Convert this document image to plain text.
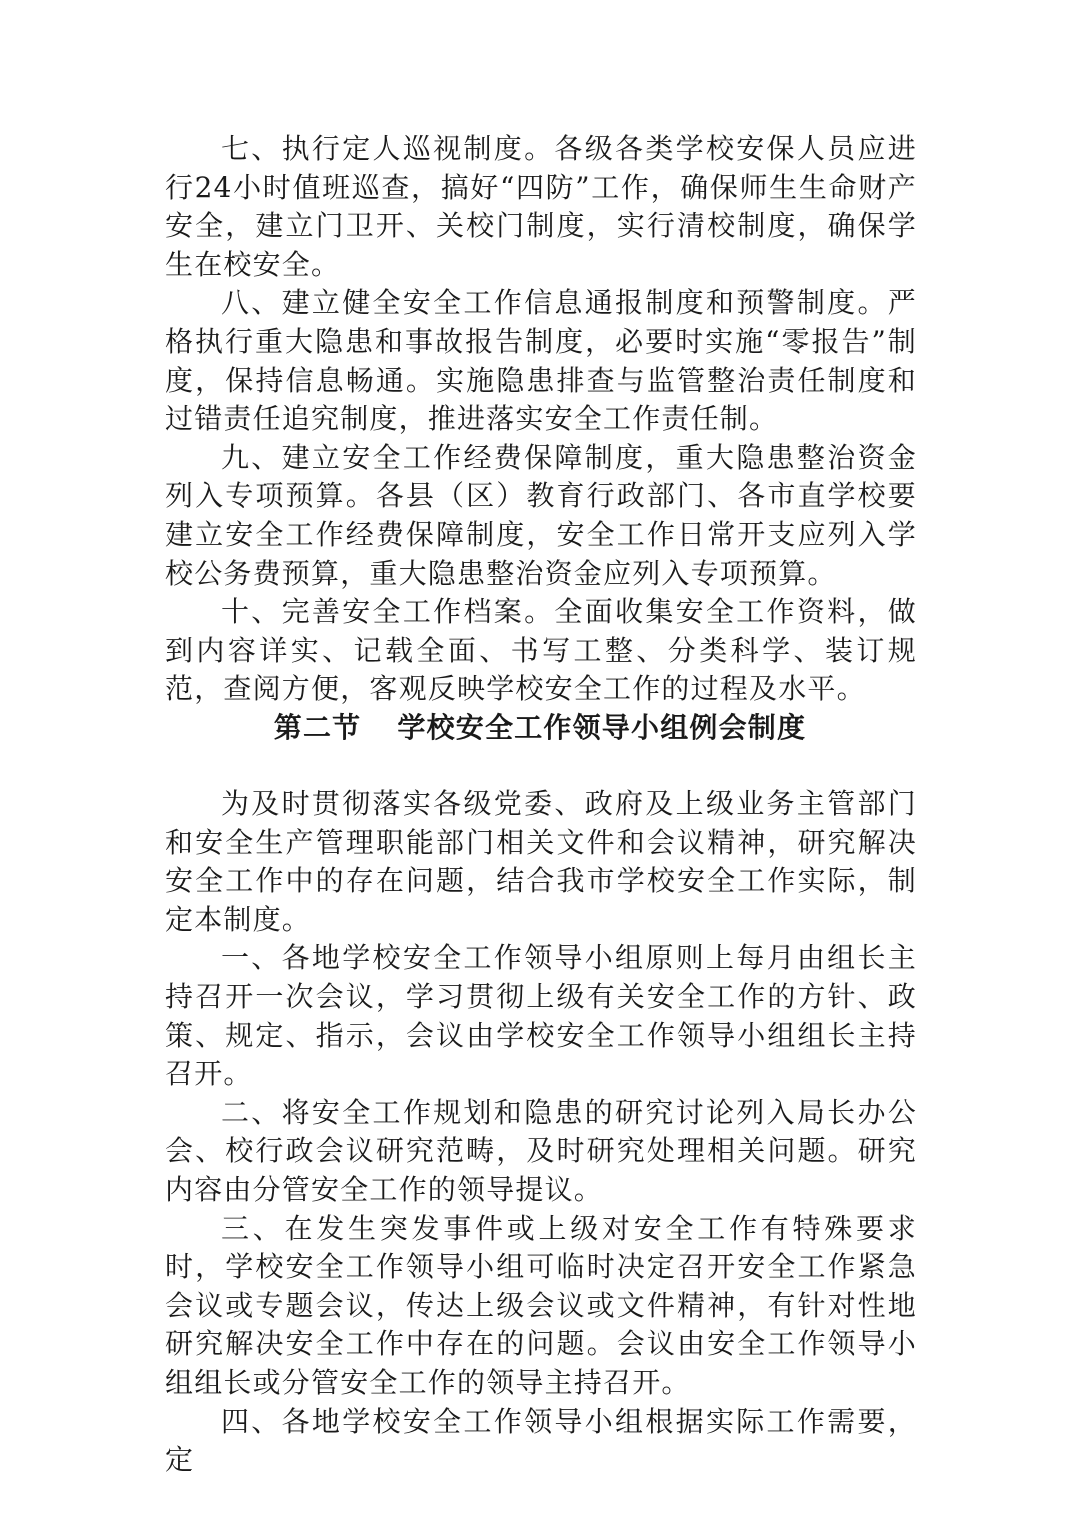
七、执行定人巡视制度。各级各类学校安保人员应进行24小时值班巡查，搞好“四防”工作，确保师生生命财产安全，建立门卫开、关校门制度，实行清校制度，确保学生在校安全。

八、建立健全安全工作信息通报制度和预警制度。严格执行重大隐患和事故报告制度，必要时实施“零报告”制度，保持信息畅通。实施隐患排查与监管整治责任制度和过错责任追究制度，推进落实安全工作责任制。

九、建立安全工作经费保障制度，重大隐患整治资金列入专项预算。各县（区）教育行政部门、各市直学校要建立安全工作经费保障制度，安全工作日常开支应列入学校公务费预算，重大隐患整治资金应列入专项预算。

十、完善安全工作档案。全面收集安全工作资料，做到内容详实、记载全面、书写工整、分类科学、装订规范，查阅方便，客观反映学校安全工作的过程及水平。

第二节 学校安全工作领导小组例会制度

为及时贯彻落实各级党委、政府及上级业务主管部门和安全生产管理职能部门相关文件和会议精神，研究解决安全工作中的存在问题，结合我市学校安全工作实际，制定本制度。

一、各地学校安全工作领导小组原则上每月由组长主持召开一次会议，学习贯彻上级有关安全工作的方针、政策、规定、指示，会议由学校安全工作领导小组组长主持召开。

二、将安全工作规划和隐患的研究讨论列入局长办公会、校行政会议研究范畴，及时研究处理相关问题。研究内容由分管安全工作的领导提议。

三、在发生突发事件或上级对安全工作有特殊要求时，学校安全工作领导小组可临时决定召开安全工作紧急会议或专题会议，传达上级会议或文件精神，有针对性地研究解决安全工作中存在的问题。会议由安全工作领导小组组长或分管安全工作的领导主持召开。

四、各地学校安全工作领导小组根据实际工作需要，定
